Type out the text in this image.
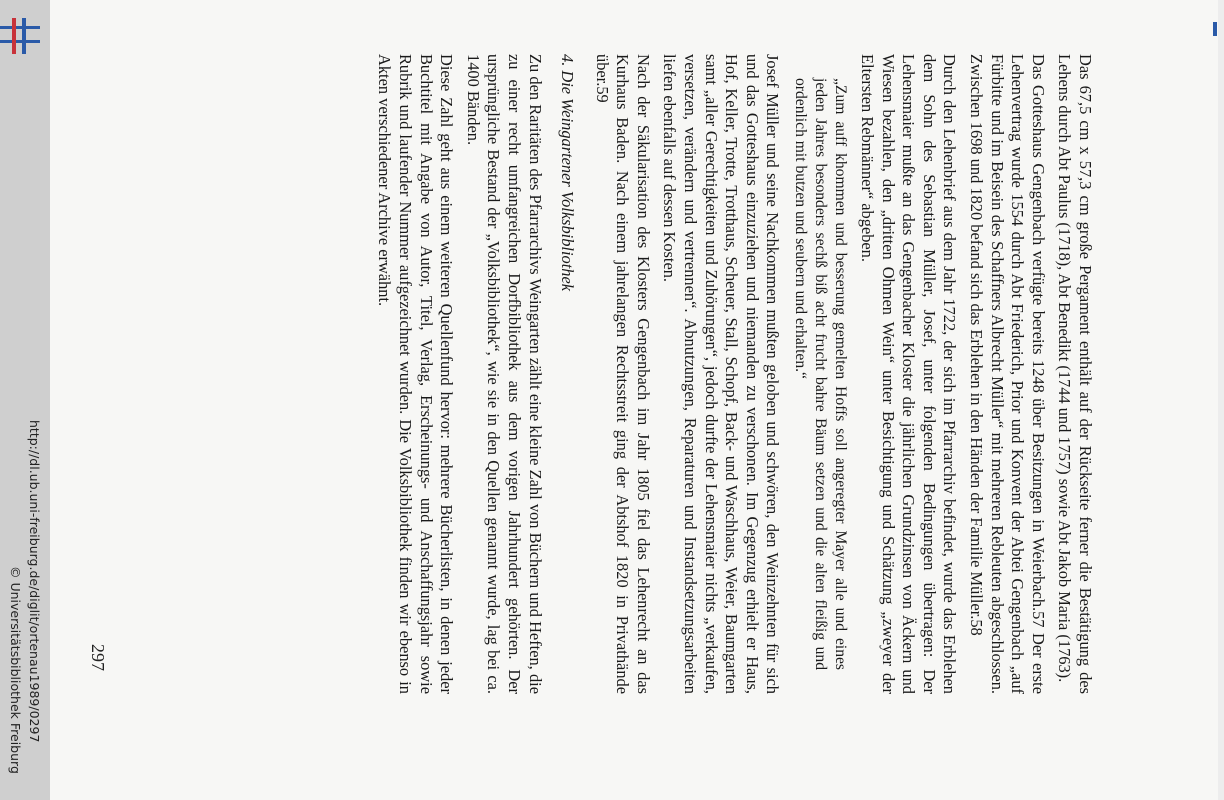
http://dl.ub.uni-freiburg.de/diglit/ortenau1989/0297
© Universitätsbibliothek Freiburg	Das 67,5 cm x 57,3 cm große Pergament enthält auf der Rückseite ferner die Bestätigung des Lehens durch Abt Paulus (1718), Abt Benedikt (1744 und 1757) sowie Abt Jakob Maria (1763).

Das Gotteshaus Gengenbach verfügte bereits 1248 über Besitzungen in Weierbach.57 Der erste Lehenvertrag wurde 1554 durch Abt Friederich, Prior und Konvent der Abtei Gengenbach „auf Fürbitte und im Beisein des Schaffners Albrecht Müller“ mit mehreren Rebleuten abgeschlossen. Zwischen 1698 und 1820 befand sich das Erblehen in den Händen der Familie Müller.58

Durch den Lehenbrief aus dem Jahr 1722, der sich im Pfarrarchiv befindet, wurde das Erblehen dem Sohn des Sebastian Müller, Josef, unter folgenden Bedingungen übertragen: Der Lehensmaier mußte an das Gengenbacher Kloster die jährlichen Grundzinsen von Äckern und Wiesen bezahlen, den „dritten Ohmen Wein“ unter Besichtigung und Schätzung „zweyer der Eltersten Rebmänner“ abgeben.

„Zum auff khommen und besserung gemelten Hoffs soll angeregter Mayer alle und eines jeden Jahres besonders sechß biß acht frucht bahre Bäum setzen und die alten fleißig und ordenlich mit butzen und seubern und erhalten.“

Josef Müller und seine Nachkommen mußten geloben und schwören, den Weinzehnten für sich und das Gotteshaus einzuziehen und niemanden zu verschonen. Im Gegenzug erhielt er Haus, Hof, Keller, Trotte, Trotthaus, Scheuer, Stall, Schopf, Back- und Waschhaus, Weier, Baumgarten samt „aller Gerechtigkeiten und Zuhörungen“, jedoch durfte der Lehensmaier nichts „verkaufen, versetzen, verändern und vertrennen“. Abnutzungen, Reparaturen und Instandsetzungsarbeiten liefen ebenfalls auf dessen Kosten.

Nach der Säkularisation des Klosters Gengenbach im Jahr 1805 fiel das Lehenrecht an das Kurhaus Baden. Nach einem jahrelangen Rechtsstreit ging der Abtshof 1820 in Privathände über.59

4. Die Weingartener Volksbibliothek

Zu den Raritäten des Pfarrarchivs Weingarten zählt eine kleine Zahl von Büchern und Heften, die zu einer recht umfangreichen Dorfbibliothek aus dem vorigen Jahrhundert gehörten. Der ursprüngliche Bestand der „Volksbibliothek“, wie sie in den Quellen genannt wurde, lag bei ca. 1400 Bänden.

Diese Zahl geht aus einem weiteren Quellenfund hervor: mehrere Bücherlisten, in denen jeder Buchtitel mit Angabe von Autor, Titel, Verlag, Erscheinungs- und Anschaffungsjahr sowie Rubrik und laufender Nummer aufgezeichnet wurden. Die Volksbibliothek finden wir ebenso in Akten verschiedener Archive erwähnt.

297
